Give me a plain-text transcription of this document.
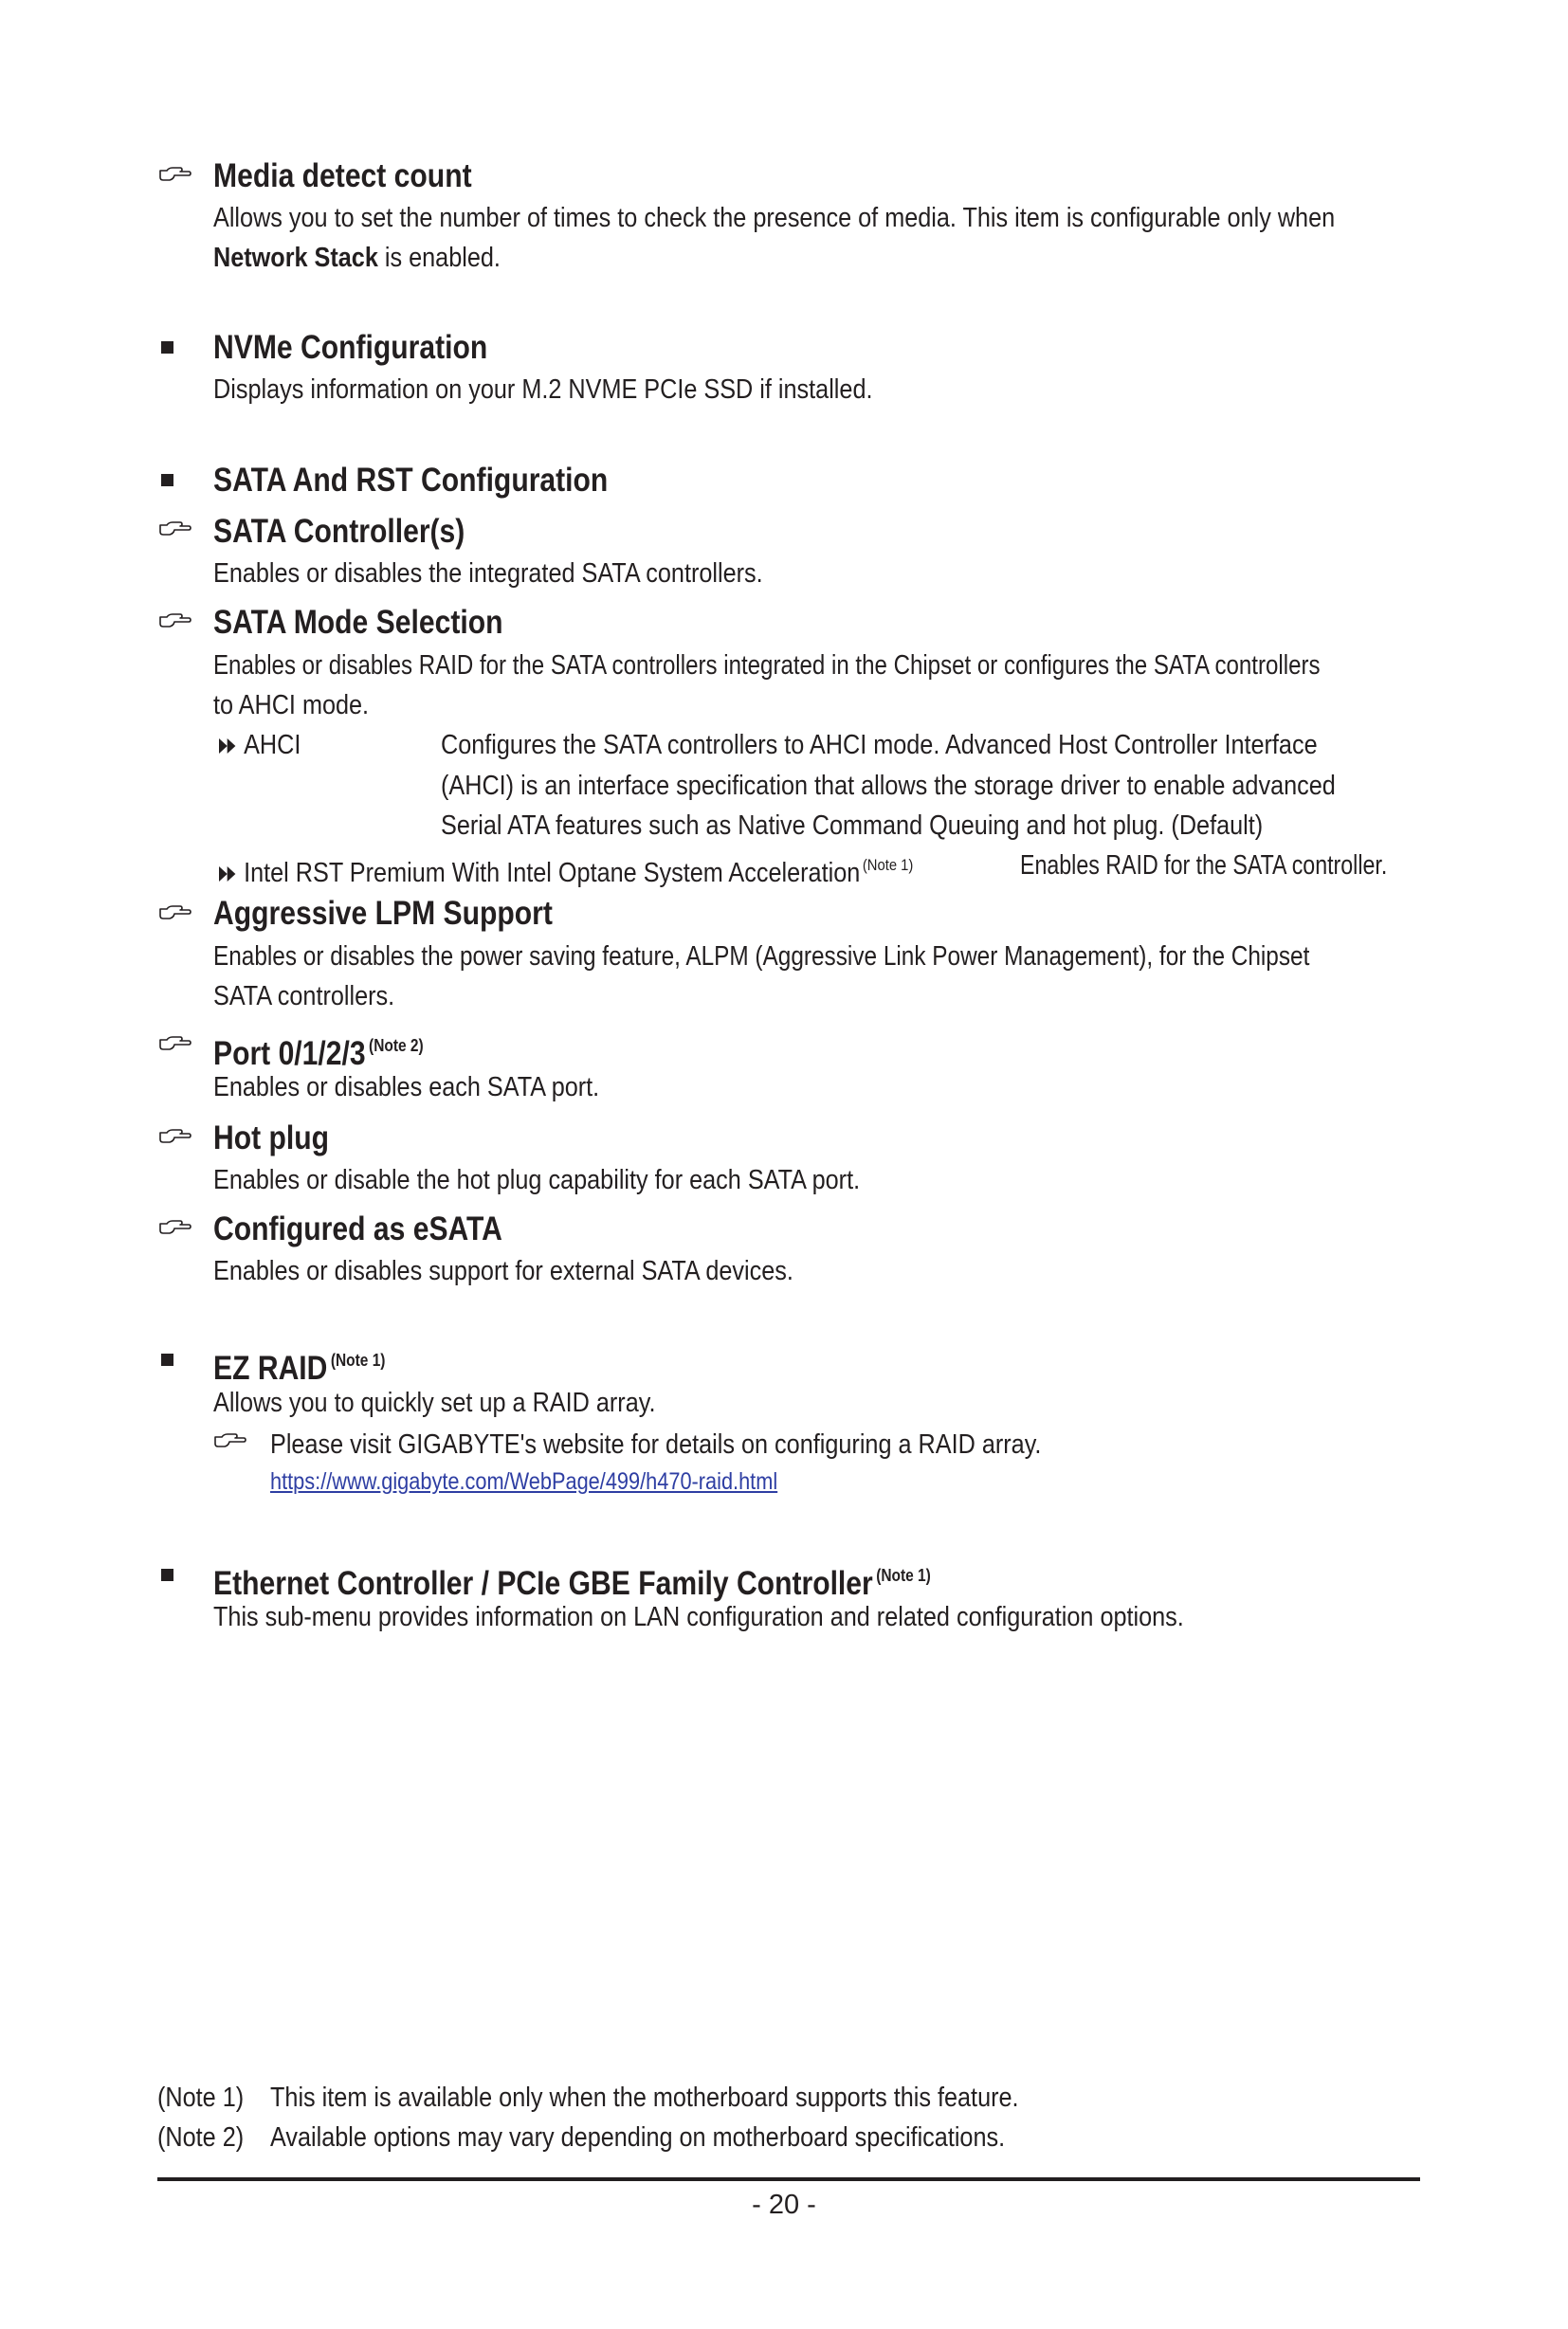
Media detect count
Allows you to set the number of times to check the presence of media. This item is configurable only when
Network Stack is enabled.
NVMe Configuration
Displays information on your M.2 NVME PCIe SSD if installed.
SATA And RST Configuration
SATA Controller(s)
Enables or disables the integrated SATA controllers.
SATA Mode Selection
Enables or disables RAID for the SATA controllers integrated in the Chipset or configures the SATA controllers
to AHCI mode.
AHCI	Configures the SATA controllers to AHCI mode. Advanced Host Controller Interface
(AHCI) is an interface specification that allows the storage driver to enable advanced
Serial ATA features such as Native Command Queuing and hot plug. (Default)
Intel RST Premium With Intel Optane System Acceleration $^{(Note 1)}$	Enables RAID for the SATA controller.
Aggressive LPM Support
Enables or disables the power saving feature, ALPM (Aggressive Link Power Management), for the Chipset
SATA controllers.
Port 0/1/2/3 $^{(Note 2)}$
Enables or disables each SATA port.
Hot plug
Enables or disable the hot plug capability for each SATA port.
Configured as eSATA
Enables or disables support for external SATA devices.
EZ RAID $^{(Note 1)}$
Allows you to quickly set up a RAID array.
Please visit GIGABYTE's website for details on configuring a RAID array.
https://www.gigabyte.com/WebPage/499/h470-raid.html
Ethernet Controller / PCIe GBE Family Controller $^{(Note 1)}$
This sub-menu provides information on LAN configuration and related configuration options.
(Note 1) This item is available only when the motherboard supports this feature.
(Note 2) Available options may vary depending on motherboard specifications.
- 20 -
